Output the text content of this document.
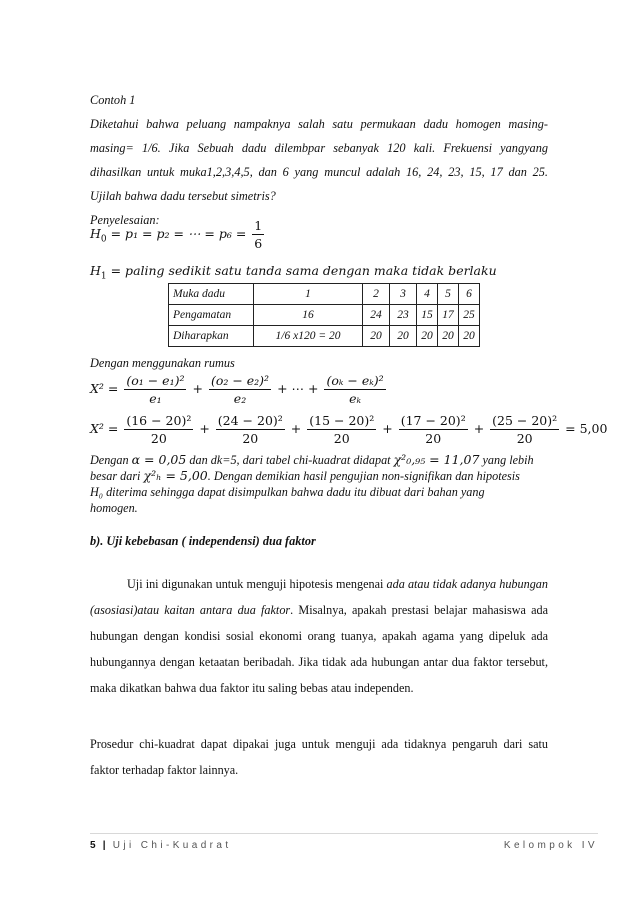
Contoh 1
Diketahui bahwa peluang nampaknya salah satu permukaan dadu homogen masing-
masing= 1/6. Jika Sebuah dadu dilembpar sebanyak 120 kali. Frekuensi yangyang
dihasilkan untuk muka1,2,3,4,5, dan 6 yang muncul adalah 16, 24, 23, 15, 17 dan 25.
Ujilah bahwa dadu tersebut simetris?
Penyelesaian:
$H_0 = p_1 = p_2$ = ⋯ = $p_6 = \frac{1}{6}$
$H_1$ = paling sedikit satu tanda sama dengan maka tidak berlaku
Muka dadu	1	2	3	4	5	6
Pengamatan	16	24	23	15	17	25
Diharapkan	1/6 x120 = 20	20	20	20	20	20
Dengan menggunakan rumus
$X^2 = \frac{\text{(o₁ − e₁)²}}{\text{e₁}} + \frac{\text{(o₂ − e₂)²}}{\text{e₂}}$ + ⋯ + $\frac{\text{(oₖ − eₖ)²}}{\text{eₖ}}$
$X^2 = \frac{\text{(16 − 20)²}}{20} + \frac{\text{(24 − 20)²}}{20} + \frac{\text{(15 − 20)²}}{20} + \frac{\text{(17 − 20)²}}{20} + \frac{\text{(25 − 20)²}}{20} = 5,00$
Dengan α = 0,05 dan dk=5, dari tabel chi-kuadrat didapat χ²₀,₉₅ = 11,07 yang lebih
besar dari χ²ₕ = 5,00. Dengan demikian hasil pengujian non-signifikan dan hipotesis
H₀ diterima sehingga dapat disimpulkan bahwa dadu itu dibuat dari bahan yang
homogen.
b). Uji kebebasan ( independensi) dua faktor
Uji ini digunakan untuk menguji hipotesis mengenai ada atau tidak adanya hubungan (asosiasi)atau kaitan antara dua faktor. Misalnya, apakah prestasi belajar mahasiswa ada hubungan dengan kondisi sosial ekonomi orang tuanya, apakah agama yang dipeluk ada hubungannya dengan ketaatan beribadah. Jika tidak ada hubungan antar dua faktor tersebut, maka dikatkan bahwa dua faktor itu saling bebas atau independen.
Prosedur chi-kuadrat dapat dipakai juga untuk menguji ada tidaknya pengaruh dari satu faktor terhadap faktor lainnya.
5 | Uji Chi-Kuadrat	Kelompok IV
